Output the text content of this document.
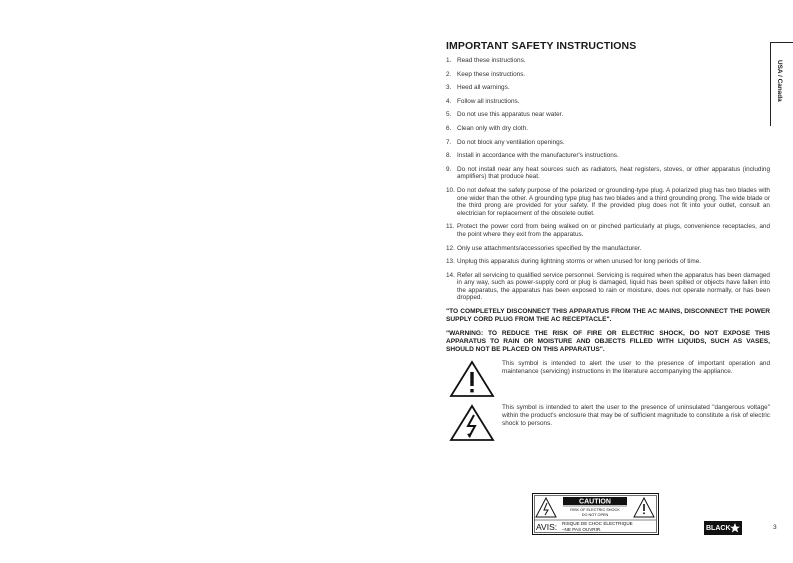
IMPORTANT SAFETY INSTRUCTIONS
1. Read these instructions.
2. Keep these instructions.
3. Heed all warnings.
4. Follow all instructions.
5. Do not use this apparatus near water.
6. Clean only with dry cloth.
7. Do not block any ventilation openings.
8. Install in accordance with the manufacturer's instructions.
9. Do not install near any heat sources such as radiators, heat registers, stoves, or other apparatus (including amplifiers) that produce heat.
10. Do not defeat the safety purpose of the polarized or grounding-type plug. A polarized plug has two blades with one wider than the other. A grounding type plug has two blades and a third grounding prong. The wide blade or the third prong are provided for your safety. If the provided plug does not fit into your outlet, consult an electrician for replacement of the obsolete outlet.
11. Protect the power cord from being walked on or pinched particularly at plugs, convenience receptacles, and the point where they exit from the apparatus.
12. Only use attachments/accessories specified by the manufacturer.
13. Unplug this apparatus during lightning storms or when unused for long periods of time.
14. Refer all servicing to qualified service personnel. Servicing is required when the apparatus has been damaged in any way, such as power-supply cord or plug is damaged, liquid has been spilled or objects have fallen into the apparatus, the apparatus has been exposed to rain or moisture, does not operate normally, or has been dropped.

"TO COMPLETELY DISCONNECT THIS APPARATUS FROM THE AC MAINS, DISCONNECT THE POWER SUPPLY CORD PLUG FROM THE AC RECEPTACLE".

"WARNING: TO REDUCE THE RISK OF FIRE OR ELECTRIC SHOCK, DO NOT EXPOSE THIS APPARATUS TO RAIN OR MOISTURE AND OBJECTS FILLED WITH LIQUIDS, SUCH AS VASES, SHOULD NOT BE PLACED ON THIS APPARATUS".

This symbol is intended to alert the user to the presence of important operation and maintenance (servicing) instructions in the literature accompanying the appliance.
This symbol is intended to alert the user to the presence of uninsulated "dangerous voltage" within the product's enclosure that may be of sufficient magnitude to constitute a risk of electric shock to persons.
CAUTION
RISK OF ELECTRIC SHOCK
DO NOT OPEN
AVIS: RISQUE DE CHOC ÉLECTRIQUE
–NE PAS OUVRIR.
USA / Canada
BLACK	3
